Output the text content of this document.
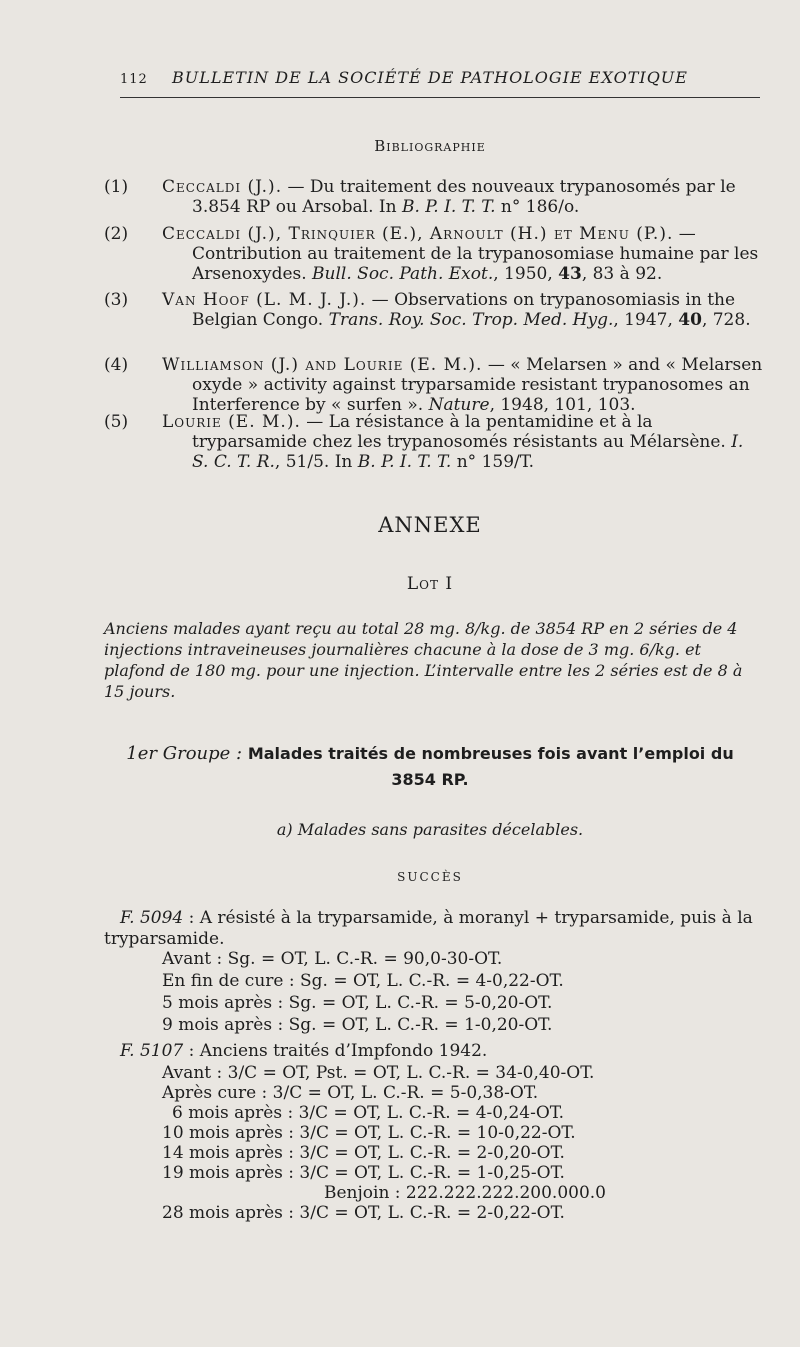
112 BULLETIN DE LA SOCIÉTÉ DE PATHOLOGIE EXOTIQUE
Bibliographie
(1) Ceccaldi (J.). — Du traitement des nouveaux trypanosomés par le 3.854 RP ou Arsobal. In B. P. I. T. T. n° 186/o.
(2) Ceccaldi (J.), Trinquier (E.), Arnoult (H.) et Menu (P.). — Contribution au traitement de la trypanosomiase humaine par les Arsenoxydes. Bull. Soc. Path. Exot., 1950, 43, 83 à 92.
(3) Van Hoof (L. M. J. J.). — Observations on trypanosomiasis in the Belgian Congo. Trans. Roy. Soc. Trop. Med. Hyg., 1947, 40, 728.
(4) Williamson (J.) and Lourie (E. M.). — « Melarsen » and « Melarsen oxyde » activity against tryparsamide resistant trypanosomes an Interference by « surfen ». Nature, 1948, 101, 103.
(5) Lourie (E. M.). — La résistance à la pentamidine et à la tryparsamide chez les trypanosomés résistants au Mélarsène. I. S. C. T. R., 51/5. In B. P. I. T. T. n° 159/T.
ANNEXE
Lot I
Anciens malades ayant reçu au total 28 mg. 8/kg. de 3854 RP en 2 séries de 4 injections intraveineuses journalières chacune à la dose de 3 mg. 6/kg. et plafond de 180 mg. pour une injection. L’intervalle entre les 2 séries est de 8 à 15 jours.
1er Groupe : Malades traités de nombreuses fois avant l’emploi du 3854 RP.
a) Malades sans parasites décelables.
SUCCÈS
F. 5094 : A résisté à la tryparsamide, à moranyl + tryparsamide, puis à la tryparsamide.
Avant : Sg. = OT, L. C.-R. = 90,0-30-OT.
En fin de cure : Sg. = OT, L. C.-R. = 4-0,22-OT.
5 mois après : Sg. = OT, L. C.-R. = 5-0,20-OT.
9 mois après : Sg. = OT, L. C.-R. = 1-0,20-OT.
F. 5107 : Anciens traités d’Impfondo 1942.
Avant : 3/C = OT, Pst. = OT, L. C.-R. = 34-0,40-OT.
Après cure : 3/C = OT, L. C.-R. = 5-0,38-OT.
6 mois après : 3/C = OT, L. C.-R. = 4-0,24-OT.
10 mois après : 3/C = OT, L. C.-R. = 10-0,22-OT.
14 mois après : 3/C = OT, L. C.-R. = 2-0,20-OT.
19 mois après : 3/C = OT, L. C.-R. = 1-0,25-OT.
Benjoin : 222.222.222.200.000.0
28 mois après : 3/C = OT, L. C.-R. = 2-0,22-OT.
